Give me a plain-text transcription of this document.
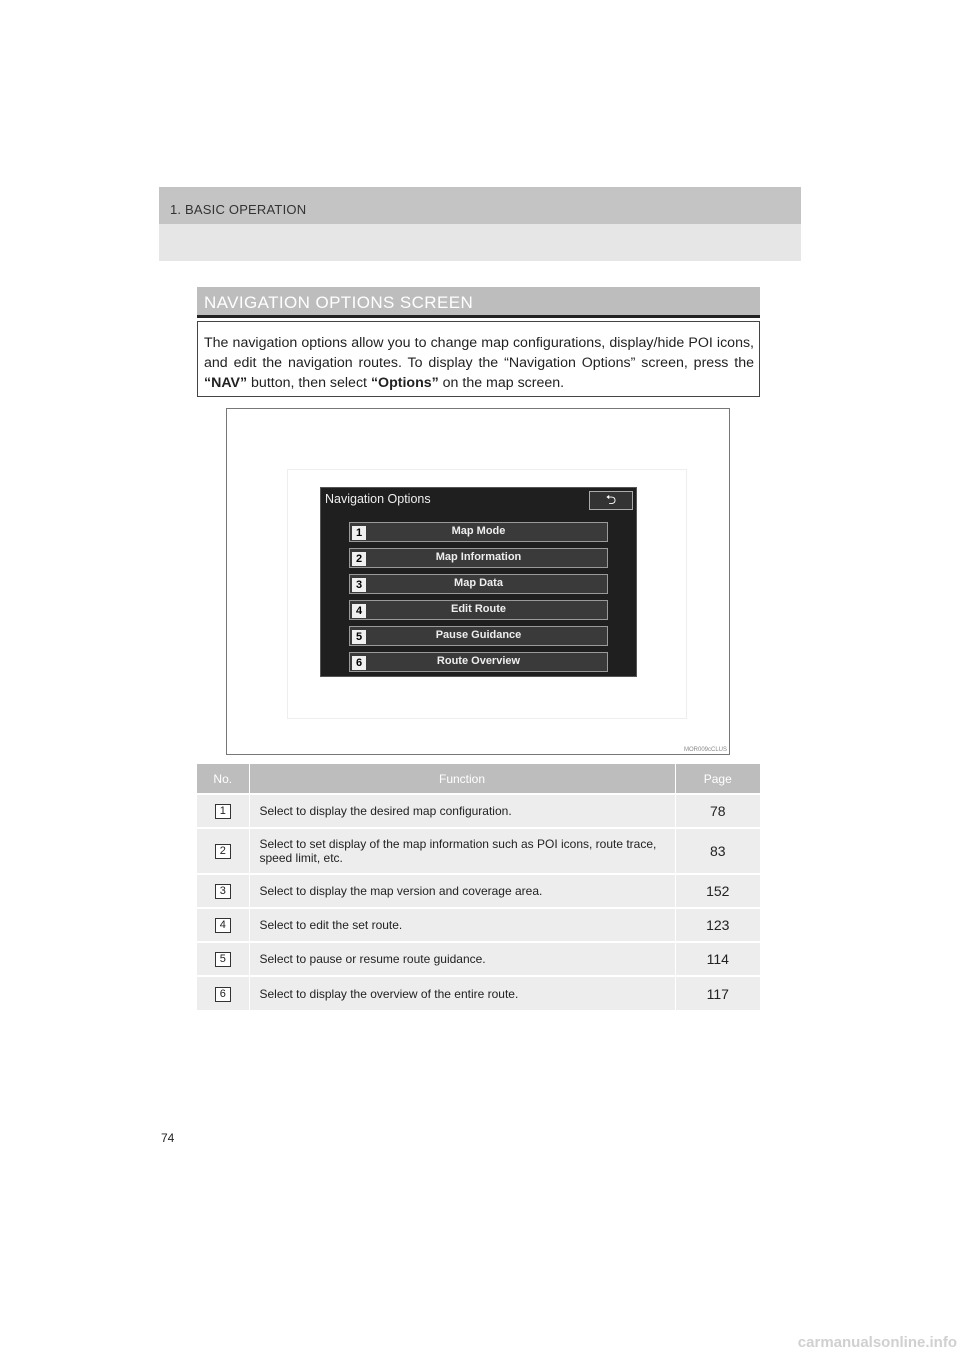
1. BASIC OPERATION
NAVIGATION OPTIONS SCREEN
The navigation options allow you to change map configurations, display/hide POI icons, and edit the navigation routes. To display the “Navigation Options” screen, press the “NAV” button, then select “Options” on the map screen.
Navigation Options	⮌
1	Map Mode
2	Map Information
3	Map Data
4	Edit Route
5	Pause Guidance
6	Route Overview
MOR009cCLUS
No.	Function	Page
1	Select to display the desired map configuration.	78
2	Select to set display of the map information such as POI icons, route trace, speed limit, etc.	83
3	Select to display the map version and coverage area.	152
4	Select to edit the set route.	123
5	Select to pause or resume route guidance.	114
6	Select to display the overview of the entire route.	117
74
carmanualsonline.info
